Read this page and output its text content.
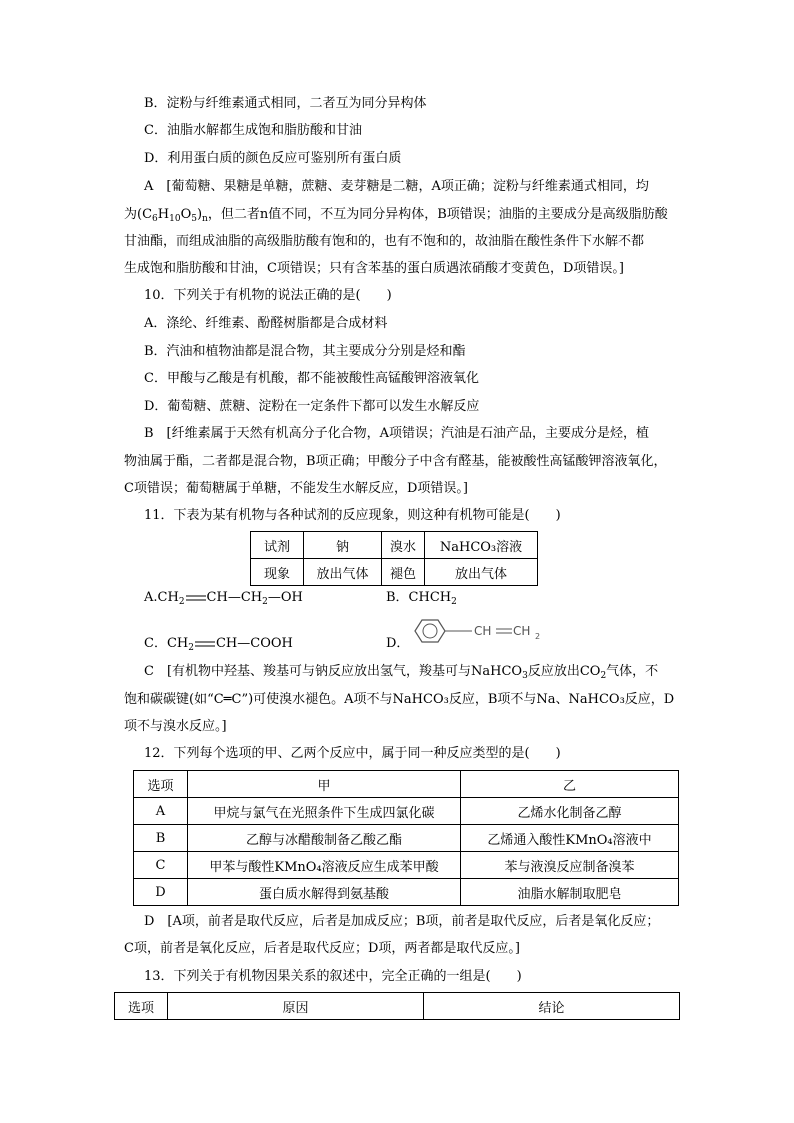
B．淀粉与纤维素通式相同，二者互为同分异构体
C．油脂水解都生成饱和脂肪酸和甘油
D．利用蛋白质的颜色反应可鉴别所有蛋白质
A　[葡萄糖、果糖是单糖，蔗糖、麦芽糖是二糖，A项正确；淀粉与纤维素通式相同，均
为$(C_6H_{10}O_5)_n$，但二者n值不同，不互为同分异构体，B项错误；油脂的主要成分是高级脂肪酸
甘油酯，而组成油脂的高级脂肪酸有饱和的，也有不饱和的，故油脂在酸性条件下水解不都
生成饱和脂肪酸和甘油，C项错误；只有含苯基的蛋白质遇浓硝酸才变黄色，D项错误。]
10．下列关于有机物的说法正确的是(　　)
A．涤纶、纤维素、酚醛树脂都是合成材料
B．汽油和植物油都是混合物，其主要成分分别是烃和酯
C．甲酸与乙酸是有机酸，都不能被酸性高锰酸钾溶液氧化
D．葡萄糖、蔗糖、淀粉在一定条件下都可以发生水解反应
B　[纤维素属于天然有机高分子化合物，A项错误；汽油是石油产品，主要成分是烃，植
物油属于酯，二者都是混合物，B项正确；甲酸分子中含有醛基，能被酸性高锰酸钾溶液氧化，
C项错误；葡萄糖属于单糖，不能发生水解反应，D项错误。]
11．下表为某有机物与各种试剂的反应现象，则这种有机物可能是(　　)
试剂	钠	溴水	NaHCO₃溶液
现象	放出气体	褪色	放出气体
$A.CH_2$ $CH—CH_2—OH$	B．$CHCH_2$
C．$CH_2$ CH—COOH	D．
CH CH 2
C　[有机物中羟基、羧基可与钠反应放出氢气，羧基可与NaHCO$_3$反应放出$CO_2$气体，不
饱和碳碳键(如“C═C”)可使溴水褪色。A项不与NaHCO₃反应，B项不与Na、NaHCO₃反应，D
项不与溴水反应。]
12．下列每个选项的甲、乙两个反应中，属于同一种反应类型的是(　　)
选项	甲	乙
A	甲烷与氯气在光照条件下生成四氯化碳	乙烯水化制备乙醇
B	乙醇与冰醋酸制备乙酸乙酯	乙烯通入酸性KMnO₄溶液中
C	甲苯与酸性KMnO₄溶液反应生成苯甲酸	苯与液溴反应制备溴苯
D	蛋白质水解得到氨基酸	油脂水解制取肥皂
D　[A项，前者是取代反应，后者是加成反应；B项，前者是取代反应，后者是氧化反应；
C项，前者是氧化反应，后者是取代反应；D项，两者都是取代反应。]
13．下列关于有机物因果关系的叙述中，完全正确的一组是(　　)
选项	原因	结论
